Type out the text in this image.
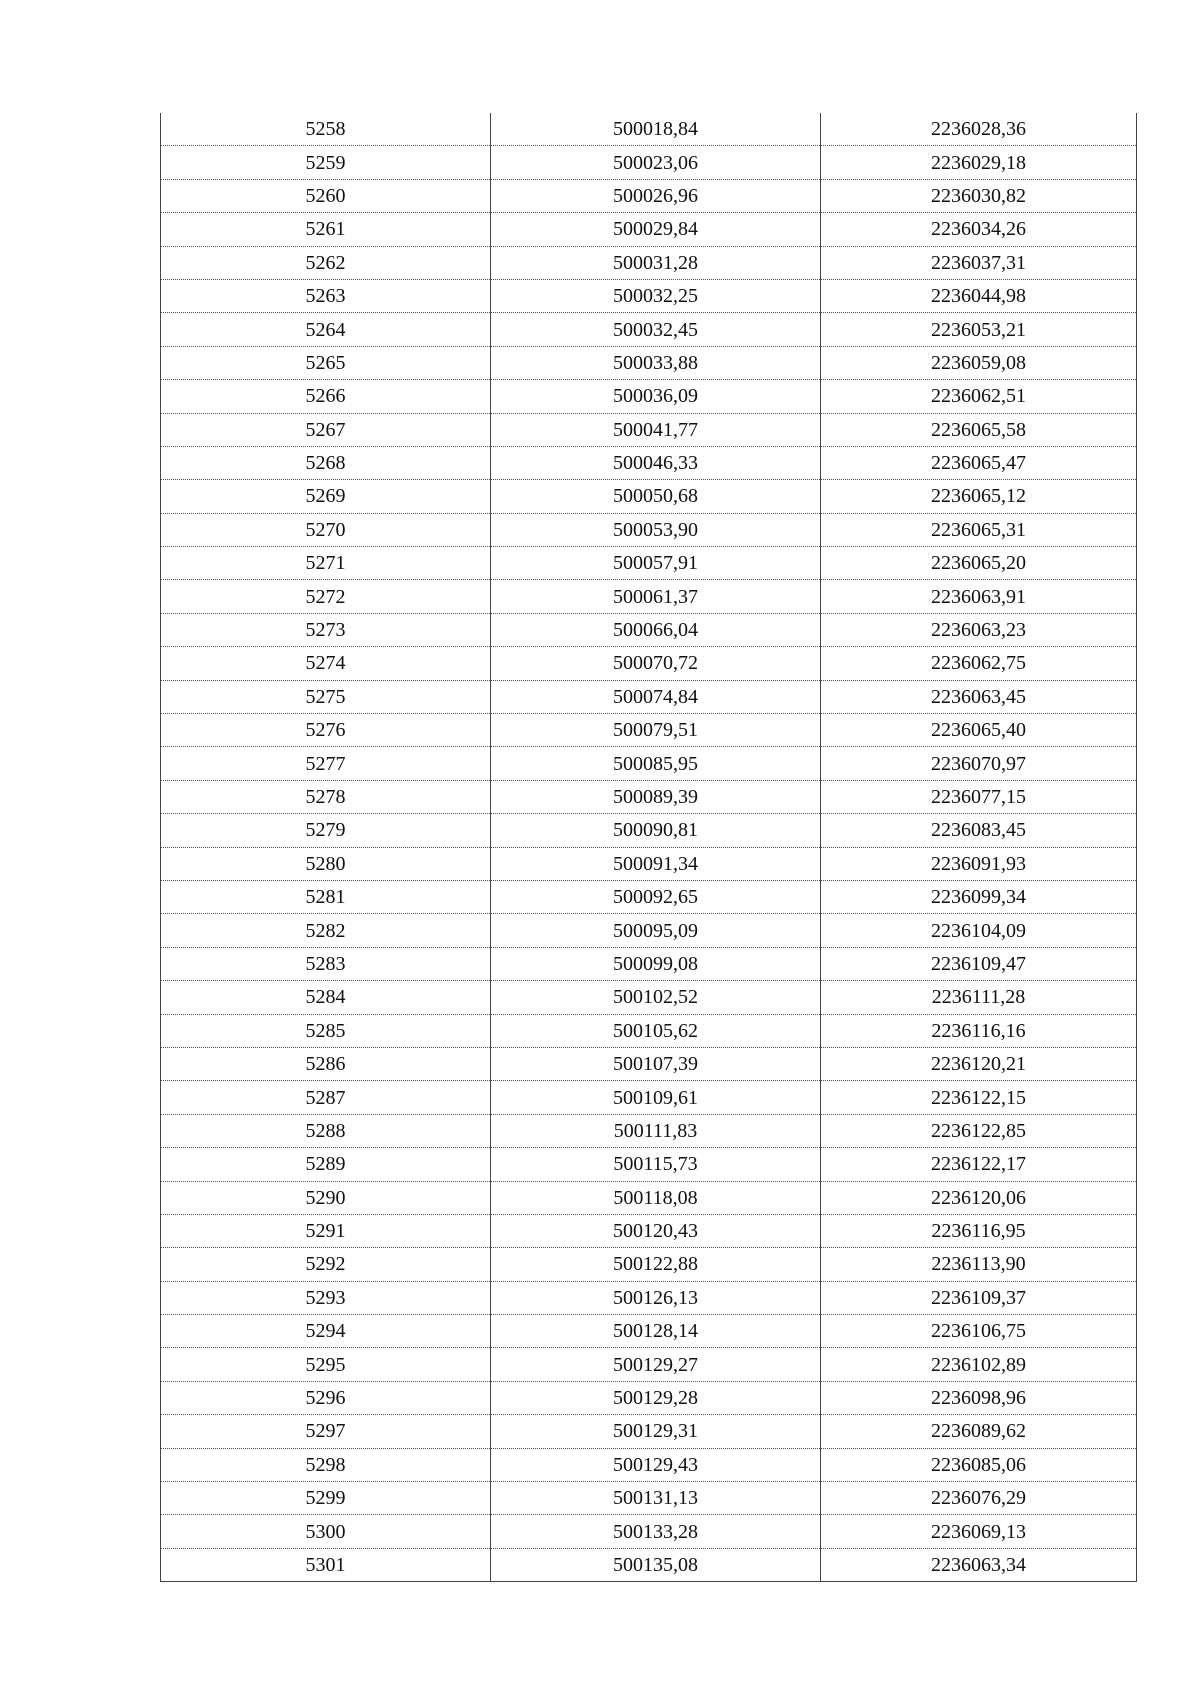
5258	500018,84	2236028,36
5259	500023,06	2236029,18
5260	500026,96	2236030,82
5261	500029,84	2236034,26
5262	500031,28	2236037,31
5263	500032,25	2236044,98
5264	500032,45	2236053,21
5265	500033,88	2236059,08
5266	500036,09	2236062,51
5267	500041,77	2236065,58
5268	500046,33	2236065,47
5269	500050,68	2236065,12
5270	500053,90	2236065,31
5271	500057,91	2236065,20
5272	500061,37	2236063,91
5273	500066,04	2236063,23
5274	500070,72	2236062,75
5275	500074,84	2236063,45
5276	500079,51	2236065,40
5277	500085,95	2236070,97
5278	500089,39	2236077,15
5279	500090,81	2236083,45
5280	500091,34	2236091,93
5281	500092,65	2236099,34
5282	500095,09	2236104,09
5283	500099,08	2236109,47
5284	500102,52	2236111,28
5285	500105,62	2236116,16
5286	500107,39	2236120,21
5287	500109,61	2236122,15
5288	500111,83	2236122,85
5289	500115,73	2236122,17
5290	500118,08	2236120,06
5291	500120,43	2236116,95
5292	500122,88	2236113,90
5293	500126,13	2236109,37
5294	500128,14	2236106,75
5295	500129,27	2236102,89
5296	500129,28	2236098,96
5297	500129,31	2236089,62
5298	500129,43	2236085,06
5299	500131,13	2236076,29
5300	500133,28	2236069,13
5301	500135,08	2236063,34
